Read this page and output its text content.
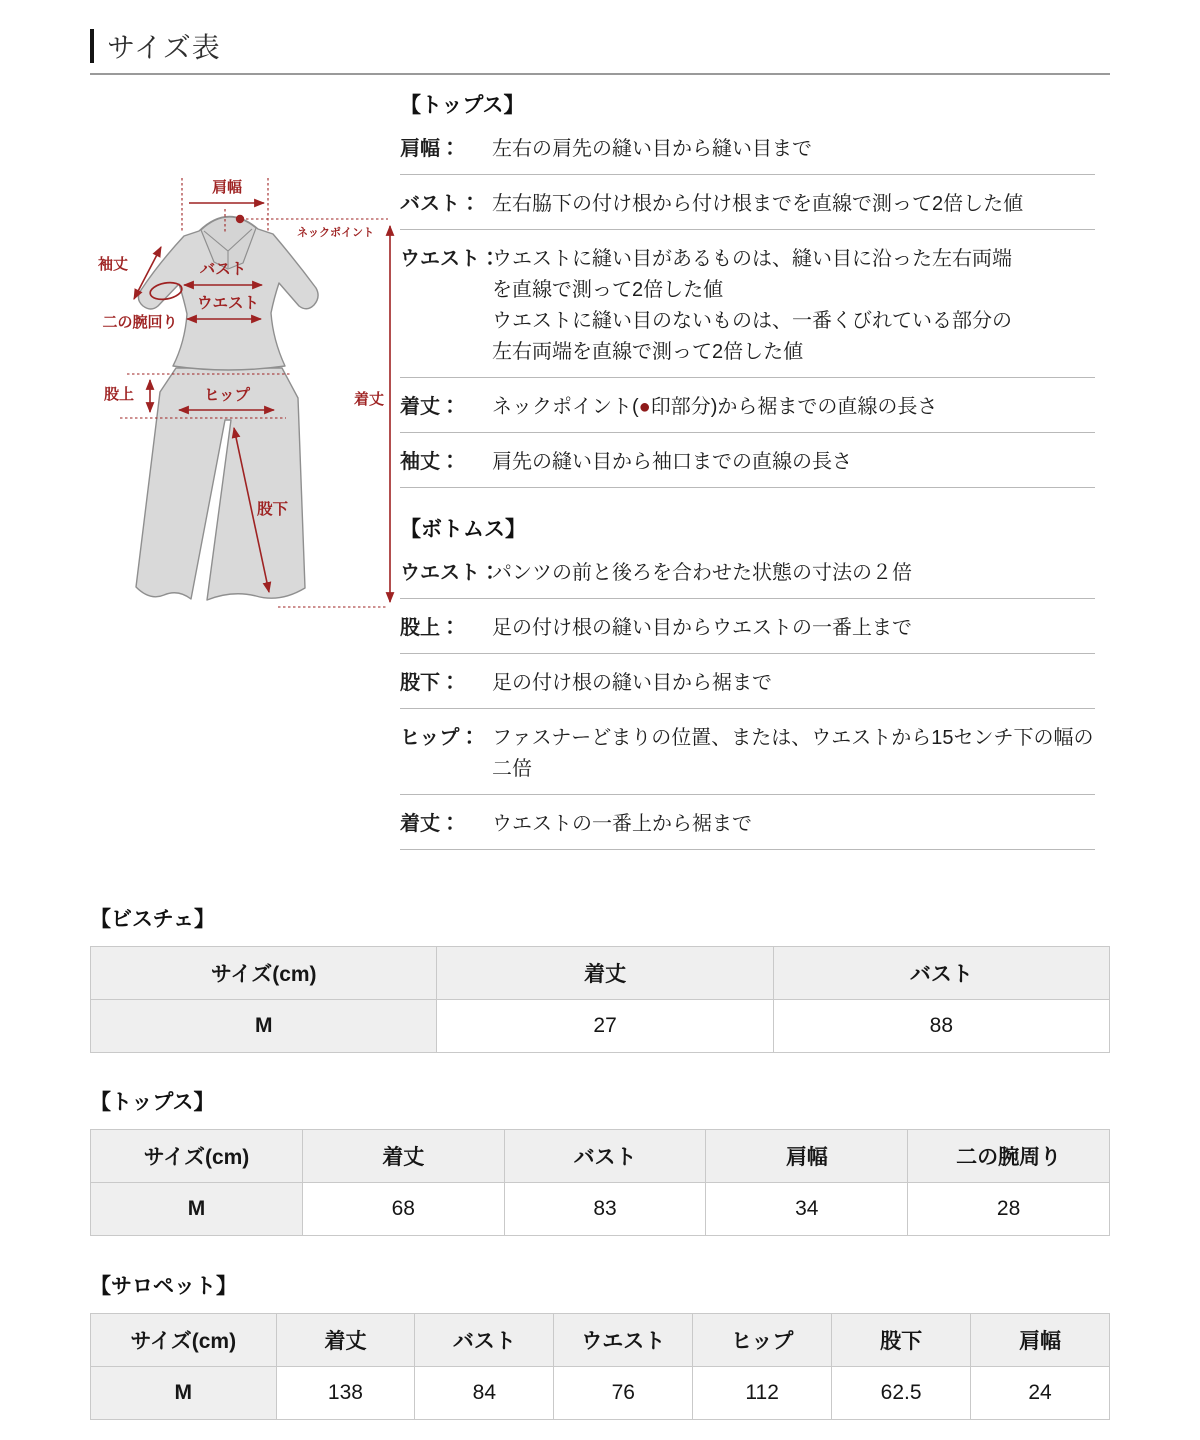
サイズ表
肩幅
ネックポイント
袖丈	バスト
ウエスト
二の腕回り
股上	ヒップ
股下
着丈
【トップス】
肩幅：	左右の肩先の縫い目から縫い目まで
バスト： 左右脇下の付け根から付け根までを直線で測って2倍した値
ウエスト：
ウエストに縫い目があるものは、縫い目に沿った左右両端
を直線で測って2倍した値
ウエストに縫い目のないものは、一番くびれている部分の
左右両端を直線で測って2倍した値
着丈：	ネックポイント(●印部分)から裾までの直線の長さ
袖丈：	肩先の縫い目から袖口までの直線の長さ
【ボトムス】
ウエスト：
パンツの前と後ろを合わせた状態の寸法の２倍
股上：	足の付け根の縫い目からウエストの一番上まで
股下：	足の付け根の縫い目から裾まで
ヒップ： ファスナーどまりの位置、または、ウエストから15センチ下の幅の
二倍
着丈：	ウエストの一番上から裾まで
【ビスチェ】
サイズ(cm)	着丈	バスト
M	27	88
【トップス】
サイズ(cm)	着丈	バスト	肩幅	二の腕周り
M	68	83	34	28
【サロペット】
サイズ(cm)	着丈	バスト	ウエスト	ヒップ	股下	肩幅
M	138	84	76	112	62.5	24
